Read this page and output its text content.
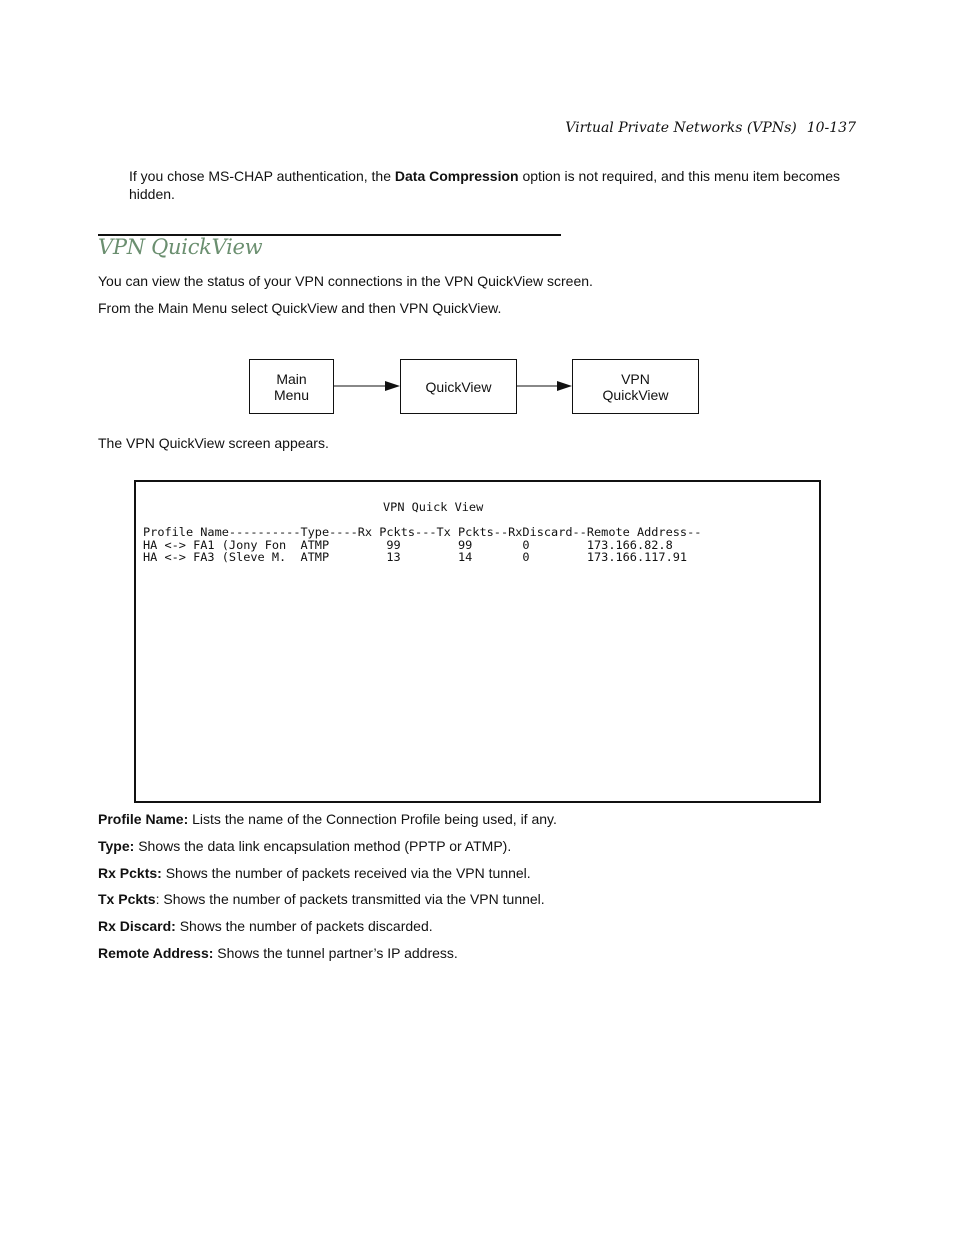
Virtual Private Networks (VPNs) 10-137
If you chose MS-CHAP authentication, the Data Compression option is not required, and this menu item becomes hidden.
VPN QuickView
You can view the status of your VPN connections in the VPN QuickView screen.
From the Main Menu select QuickView and then VPN QuickView.
Main
Menu	QuickView	VPN
QuickView
The VPN QuickView screen appears.
VPN Quick View
Profile Name----------Type----Rx Pckts---Tx Pckts--RxDiscard--Remote Address--
HA <-> FA1 (Jony Fon  ATMP        99        99       0        173.166.82.8
HA <-> FA3 (Sleve M.  ATMP        13        14       0        173.166.117.91
Profile Name: Lists the name of the Connection Profile being used, if any.
Type: Shows the data link encapsulation method (PPTP or ATMP).
Rx Pckts: Shows the number of packets received via the VPN tunnel.
Tx Pckts: Shows the number of packets transmitted via the VPN tunnel.
Rx Discard: Shows the number of packets discarded.
Remote Address: Shows the tunnel partner’s IP address.
